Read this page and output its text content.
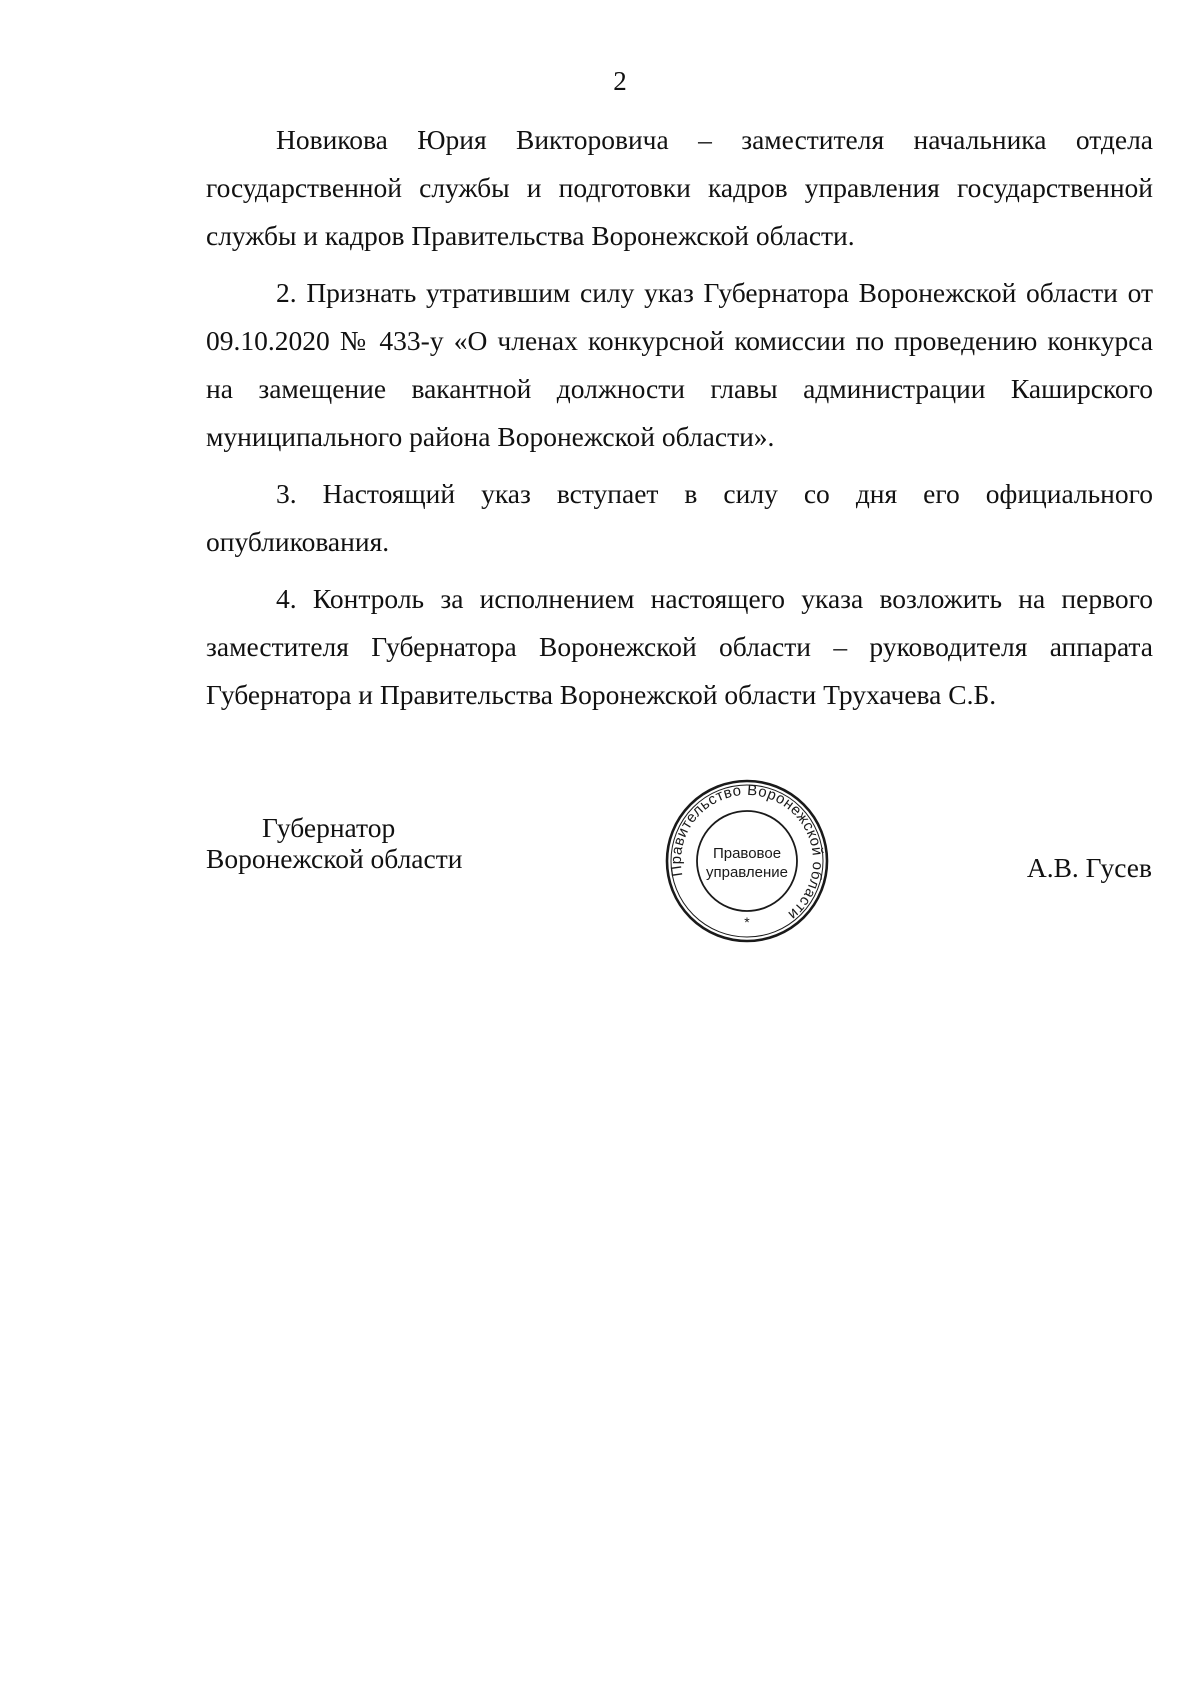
2

Новикова Юрия Викторовича – заместителя начальника отдела государственной службы и подготовки кадров управления государственной службы и кадров Правительства Воронежской области.

2. Признать утратившим силу указ Губернатора Воронежской области от 09.10.2020 № 433-у «О членах конкурсной комиссии по проведению конкурса на замещение вакантной должности главы администрации Каширского муниципального района Воронежской области».

3. Настоящий указ вступает в силу со дня его официального опубликования.

4. Контроль за исполнением настоящего указа возложить на первого заместителя Губернатора Воронежской области – руководителя аппарата Губернатора и Правительства Воронежской области Трухачева С.Б.

Губернатор
Воронежской области	Правительство Воронежской области
Правовое
управление
*
А.В. Гусев
